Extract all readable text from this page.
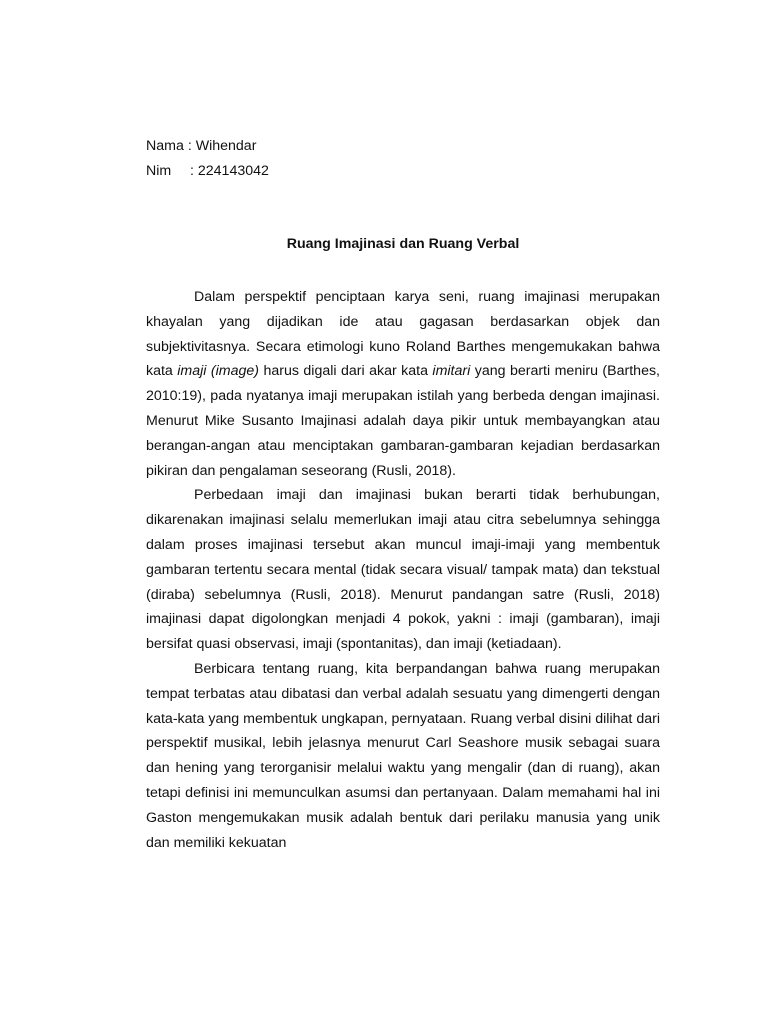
Nama
: Wihendar
Nim	: 224143042
Ruang Imajinasi dan Ruang Verbal

Dalam perspektif penciptaan karya seni, ruang imajinasi merupakan khayalan yang dijadikan ide atau gagasan berdasarkan objek dan subjektivitasnya. Secara etimologi kuno Roland Barthes mengemukakan bahwa kata imaji (image) harus digali dari akar kata imitari yang berarti meniru (Barthes, 2010:19), pada nyatanya imaji merupakan istilah yang berbeda dengan imajinasi. Menurut Mike Susanto Imajinasi adalah daya pikir untuk membayangkan atau berangan-angan atau menciptakan gambaran-gambaran kejadian berdasarkan pikiran dan pengalaman seseorang (Rusli, 2018).

Perbedaan imaji dan imajinasi bukan berarti tidak berhubungan, dikarenakan imajinasi selalu memerlukan imaji atau citra sebelumnya sehingga dalam proses imajinasi tersebut akan muncul imaji-imaji yang membentuk gambaran tertentu secara mental (tidak secara visual/ tampak mata) dan tekstual (diraba) sebelumnya (Rusli, 2018). Menurut pandangan satre (Rusli, 2018) imajinasi dapat digolongkan menjadi 4 pokok, yakni : imaji (gambaran), imaji bersifat quasi observasi, imaji (spontanitas), dan imaji (ketiadaan).

Berbicara tentang ruang, kita berpandangan bahwa ruang merupakan tempat terbatas atau dibatasi dan verbal adalah sesuatu yang dimengerti dengan kata-kata yang membentuk ungkapan, pernyataan. Ruang verbal disini dilihat dari perspektif musikal, lebih jelasnya menurut Carl Seashore musik sebagai suara dan hening yang terorganisir melalui waktu yang mengalir (dan di ruang), akan tetapi definisi ini memunculkan asumsi dan pertanyaan. Dalam memahami hal ini Gaston mengemukakan musik adalah bentuk dari perilaku manusia yang unik dan memiliki kekuatan
